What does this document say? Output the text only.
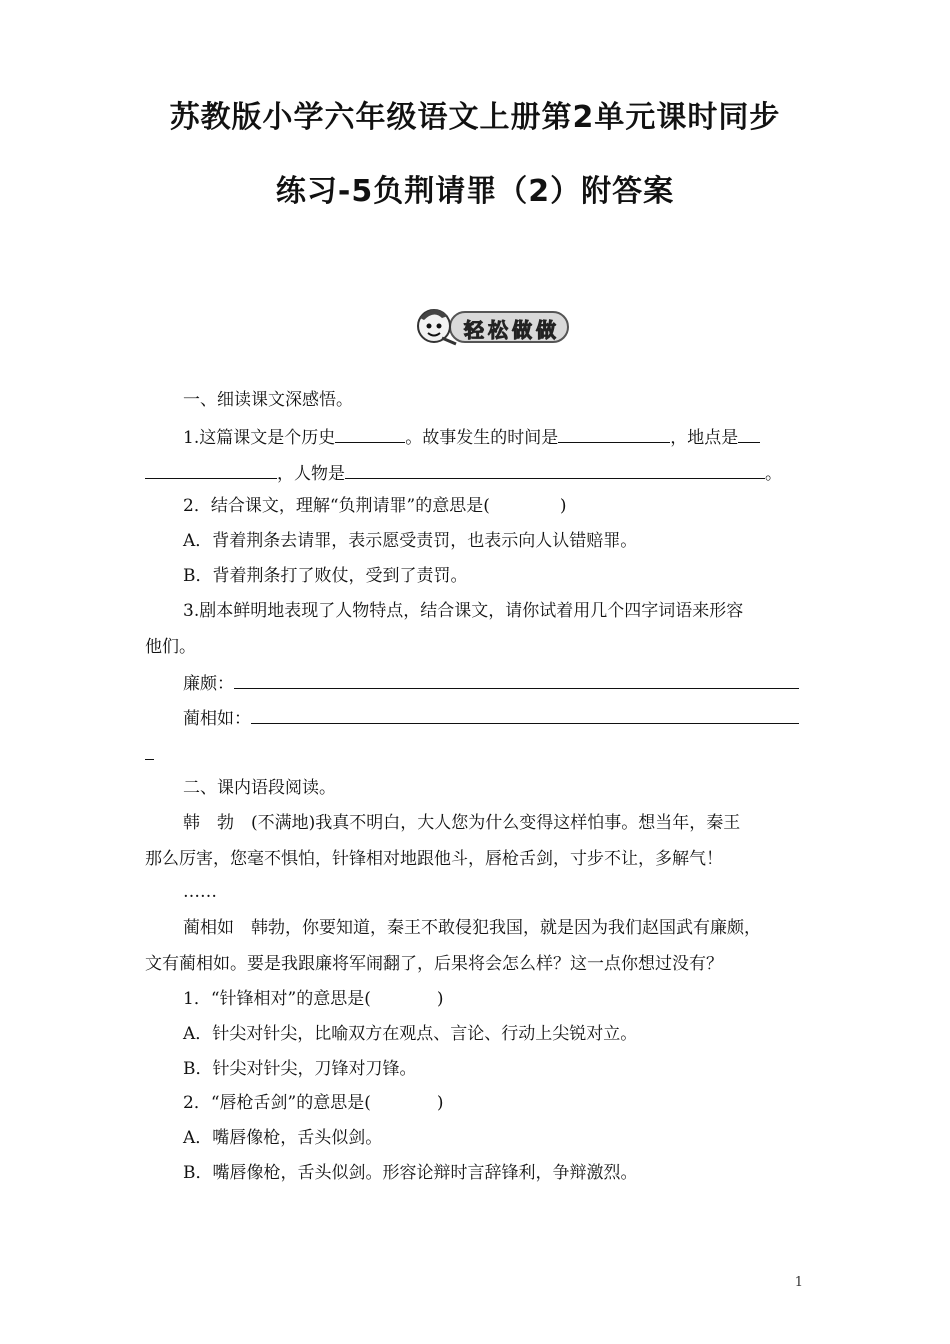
苏教版小学六年级语文上册第2单元课时同步
练习-5负荆请罪（2）附答案
轻松做做
一、细读课文深感悟。
1.这篇课文是个历史	。故事发生的时间是	，地点是
，人物是	。
2．结合课文，理解“负荆请罪”的意思是(	)
A．背着荆条去请罪，表示愿受责罚，也表示向人认错赔罪。
B．背着荆条打了败仗，受到了责罚。
3.剧本鲜明地表现了人物特点，结合课文，请你试着用几个四字词语来形容
他们。
廉颇：
蔺相如：
二、课内语段阅读。
韩　勃　(不满地)我真不明白，大人您为什么变得这样怕事。想当年，秦王
那么厉害，您毫不惧怕，针锋相对地跟他斗，唇枪舌剑，寸步不让，多解气！
……
蔺相如　韩勃，你要知道，秦王不敢侵犯我国，就是因为我们赵国武有廉颇，
文有蔺相如。要是我跟廉将军闹翻了，后果将会怎么样？这一点你想过没有？
1．“针锋相对”的意思是(	)
A．针尖对针尖，比喻双方在观点、言论、行动上尖锐对立。
B．针尖对针尖，刀锋对刀锋。
2．“唇枪舌剑”的意思是(	)
A．嘴唇像枪，舌头似剑。
B．嘴唇像枪，舌头似剑。形容论辩时言辞锋利，争辩激烈。
1
